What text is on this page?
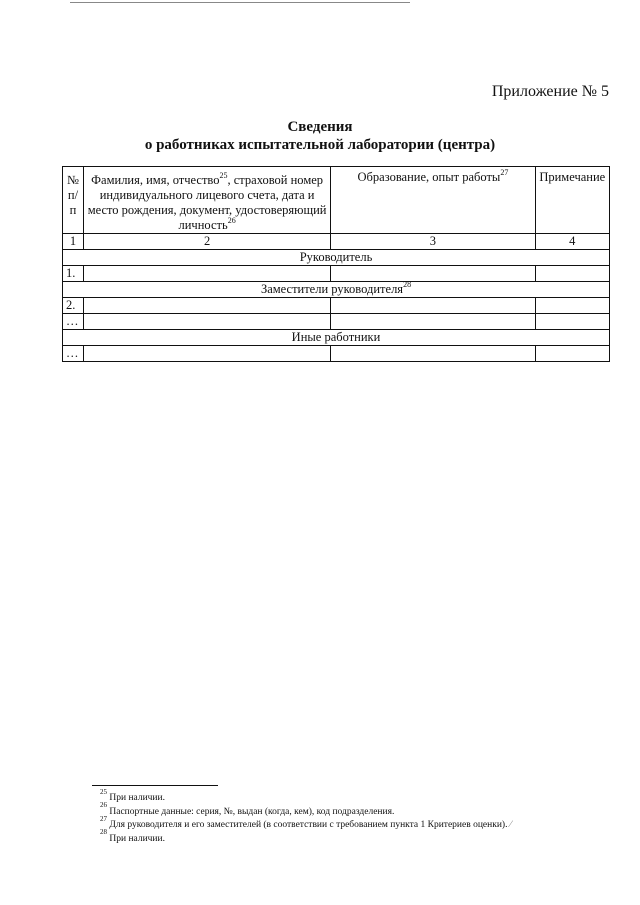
Приложение № 5
Сведения
о работниках испытательной лаборатории (центра)
№ п/п	Фамилия, имя, отчество$^{25}$, страховой номер индивидуального лицевого счета, дата и место рождения, документ, удостоверяющий личность$^{26}$	Образование, опыт работы$^{27}$	Примечание
1	2	3	4
Руководитель			
1.			
Заместители руководителя$^{28}$
2.			
…			
Иные работники			
…			
$^{25}$ При наличии.
$^{26}$ Паспортные данные: серия, №, выдан (когда, кем), код подразделения.
$^{27}$ Для руководителя и его заместителей (в соответствии с требованием пункта 1 Критериев оценки). ⁄
$^{28}$ При наличии.
